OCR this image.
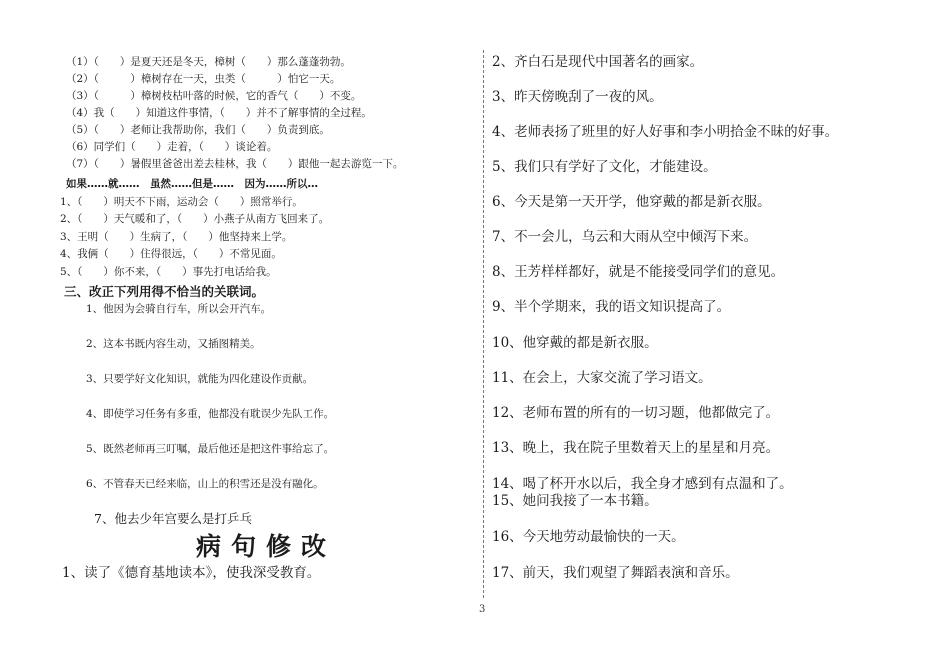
（1）（　　）是夏天还是冬天，樟树（　　）那么蓬蓬勃勃。
（2）（　　　）樟树存在一天，虫类（　　　）怕它一天。
（3）（　　　）樟树枝枯叶落的时候，它的香气（　　）不变。
（4）我（　　）知道这件事情，（　　）并不了解事情的全过程。
（5）（　　）老师让我帮助你，我们（　　）负责到底。
（6）同学们（　　）走着，（　　）谈论着。
（7）（　　）暑假里爸爸出差去桂林，我（　　）跟他一起去游览一下。
如果……就……　虽然……但是……　因为……所以…
1、（　　）明天不下雨，运动会（　　）照常举行。
2、（　　）天气暖和了，（　　）小燕子从南方飞回来了。
3、王明（　　）生病了，（　　）他坚持来上学。
4、我俩（　　）住得很远，（　　）不常见面。
5、（　　）你不来，（　　）事先打电话给我。
三、改正下列用得不恰当的关联词。
1、他因为会骑自行车，所以会开汽车。
2、这本书既内容生动，又插图精美。
3、只要学好文化知识，就能为四化建设作贡献。
4、即使学习任务有多重，他都没有耽误少先队工作。
5、既然老师再三叮嘱，最后他还是把这件事给忘了。
6、不管春天已经来临，山上的积雪还是没有融化。
7、他去少年宫要么是打乒乓
病句修改
1、读了《德育基地读本》，使我深受教育。
2、齐白石是现代中国著名的画家。
3、昨天傍晚刮了一夜的风。
4、老师表扬了班里的好人好事和李小明拾金不昧的好事。
5、我们只有学好了文化，才能建设。
6、今天是第一天开学，他穿戴的都是新衣服。
7、不一会儿，乌云和大雨从空中倾泻下来。
8、王芳样样都好，就是不能接受同学们的意见。
9、半个学期来，我的语文知识提高了。
10、他穿戴的都是新衣服。
11、在会上，大家交流了学习语文。
12、老师布置的所有的一切习题，他都做完了。
13、晚上，我在院子里数着天上的星星和月亮。
14、喝了杯开水以后，我全身才感到有点温和了。
15、她问我接了一本书籍。
16、今天地劳动最愉快的一天。
17、前天，我们观望了舞蹈表演和音乐。
3
